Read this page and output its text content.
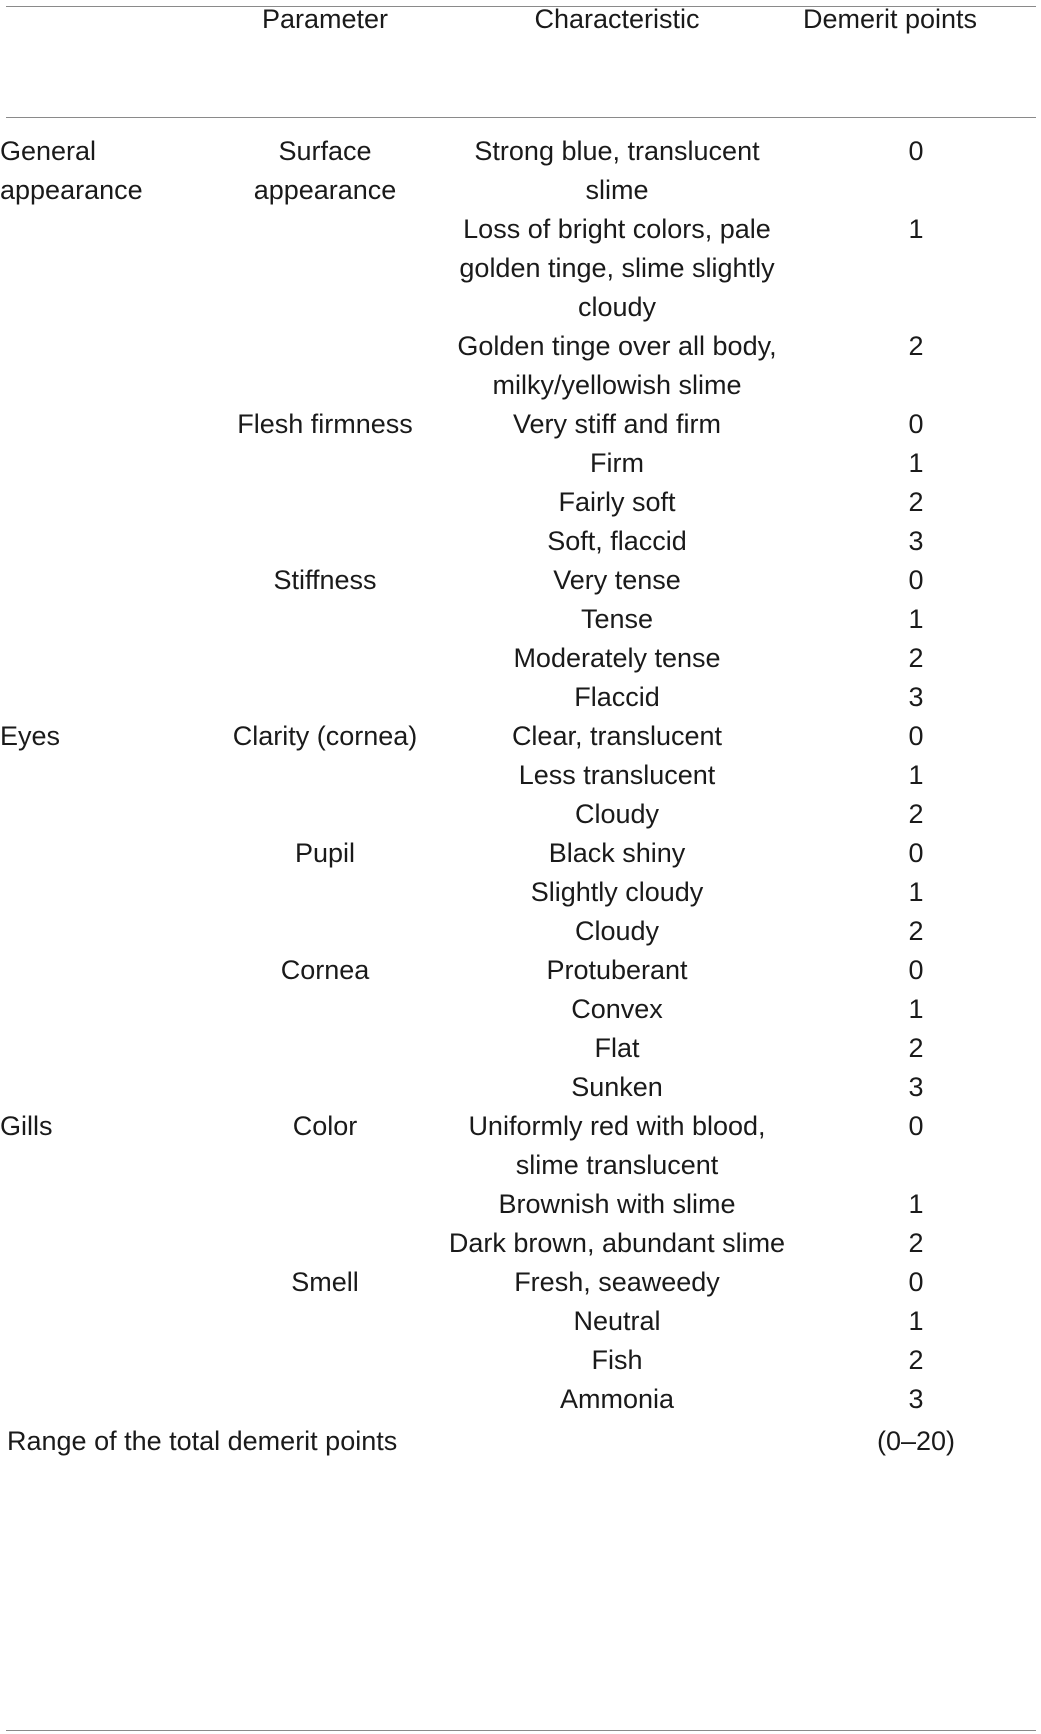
	Parameter	Characteristic	Demerit points
General appearance	Surface appearance	Strong blue, translucent slime	0
		Loss of bright colors, pale golden tinge, slime slightly cloudy	1
		Golden tinge over all body, milky/yellowish slime	2
	Flesh firmness	Very stiff and firm	0
		Firm	1
		Fairly soft	2
		Soft, flaccid	3
	Stiffness	Very tense	0
		Tense	1
		Moderately tense	2
		Flaccid	3
Eyes	Clarity (cornea)	Clear, translucent	0
		Less translucent	1
		Cloudy	2
	Pupil	Black shiny	0
		Slightly cloudy	1
		Cloudy	2
	Cornea	Protuberant	0
		Convex	1
		Flat	2
		Sunken	3
Gills	Color	Uniformly red with blood, slime translucent	0
		Brownish with slime	1
		Dark brown, abundant slime	2
	Smell	Fresh, seaweedy	0
		Neutral	1
		Fish	2
		Ammonia	3
Range of the total demerit points			(0–20)
